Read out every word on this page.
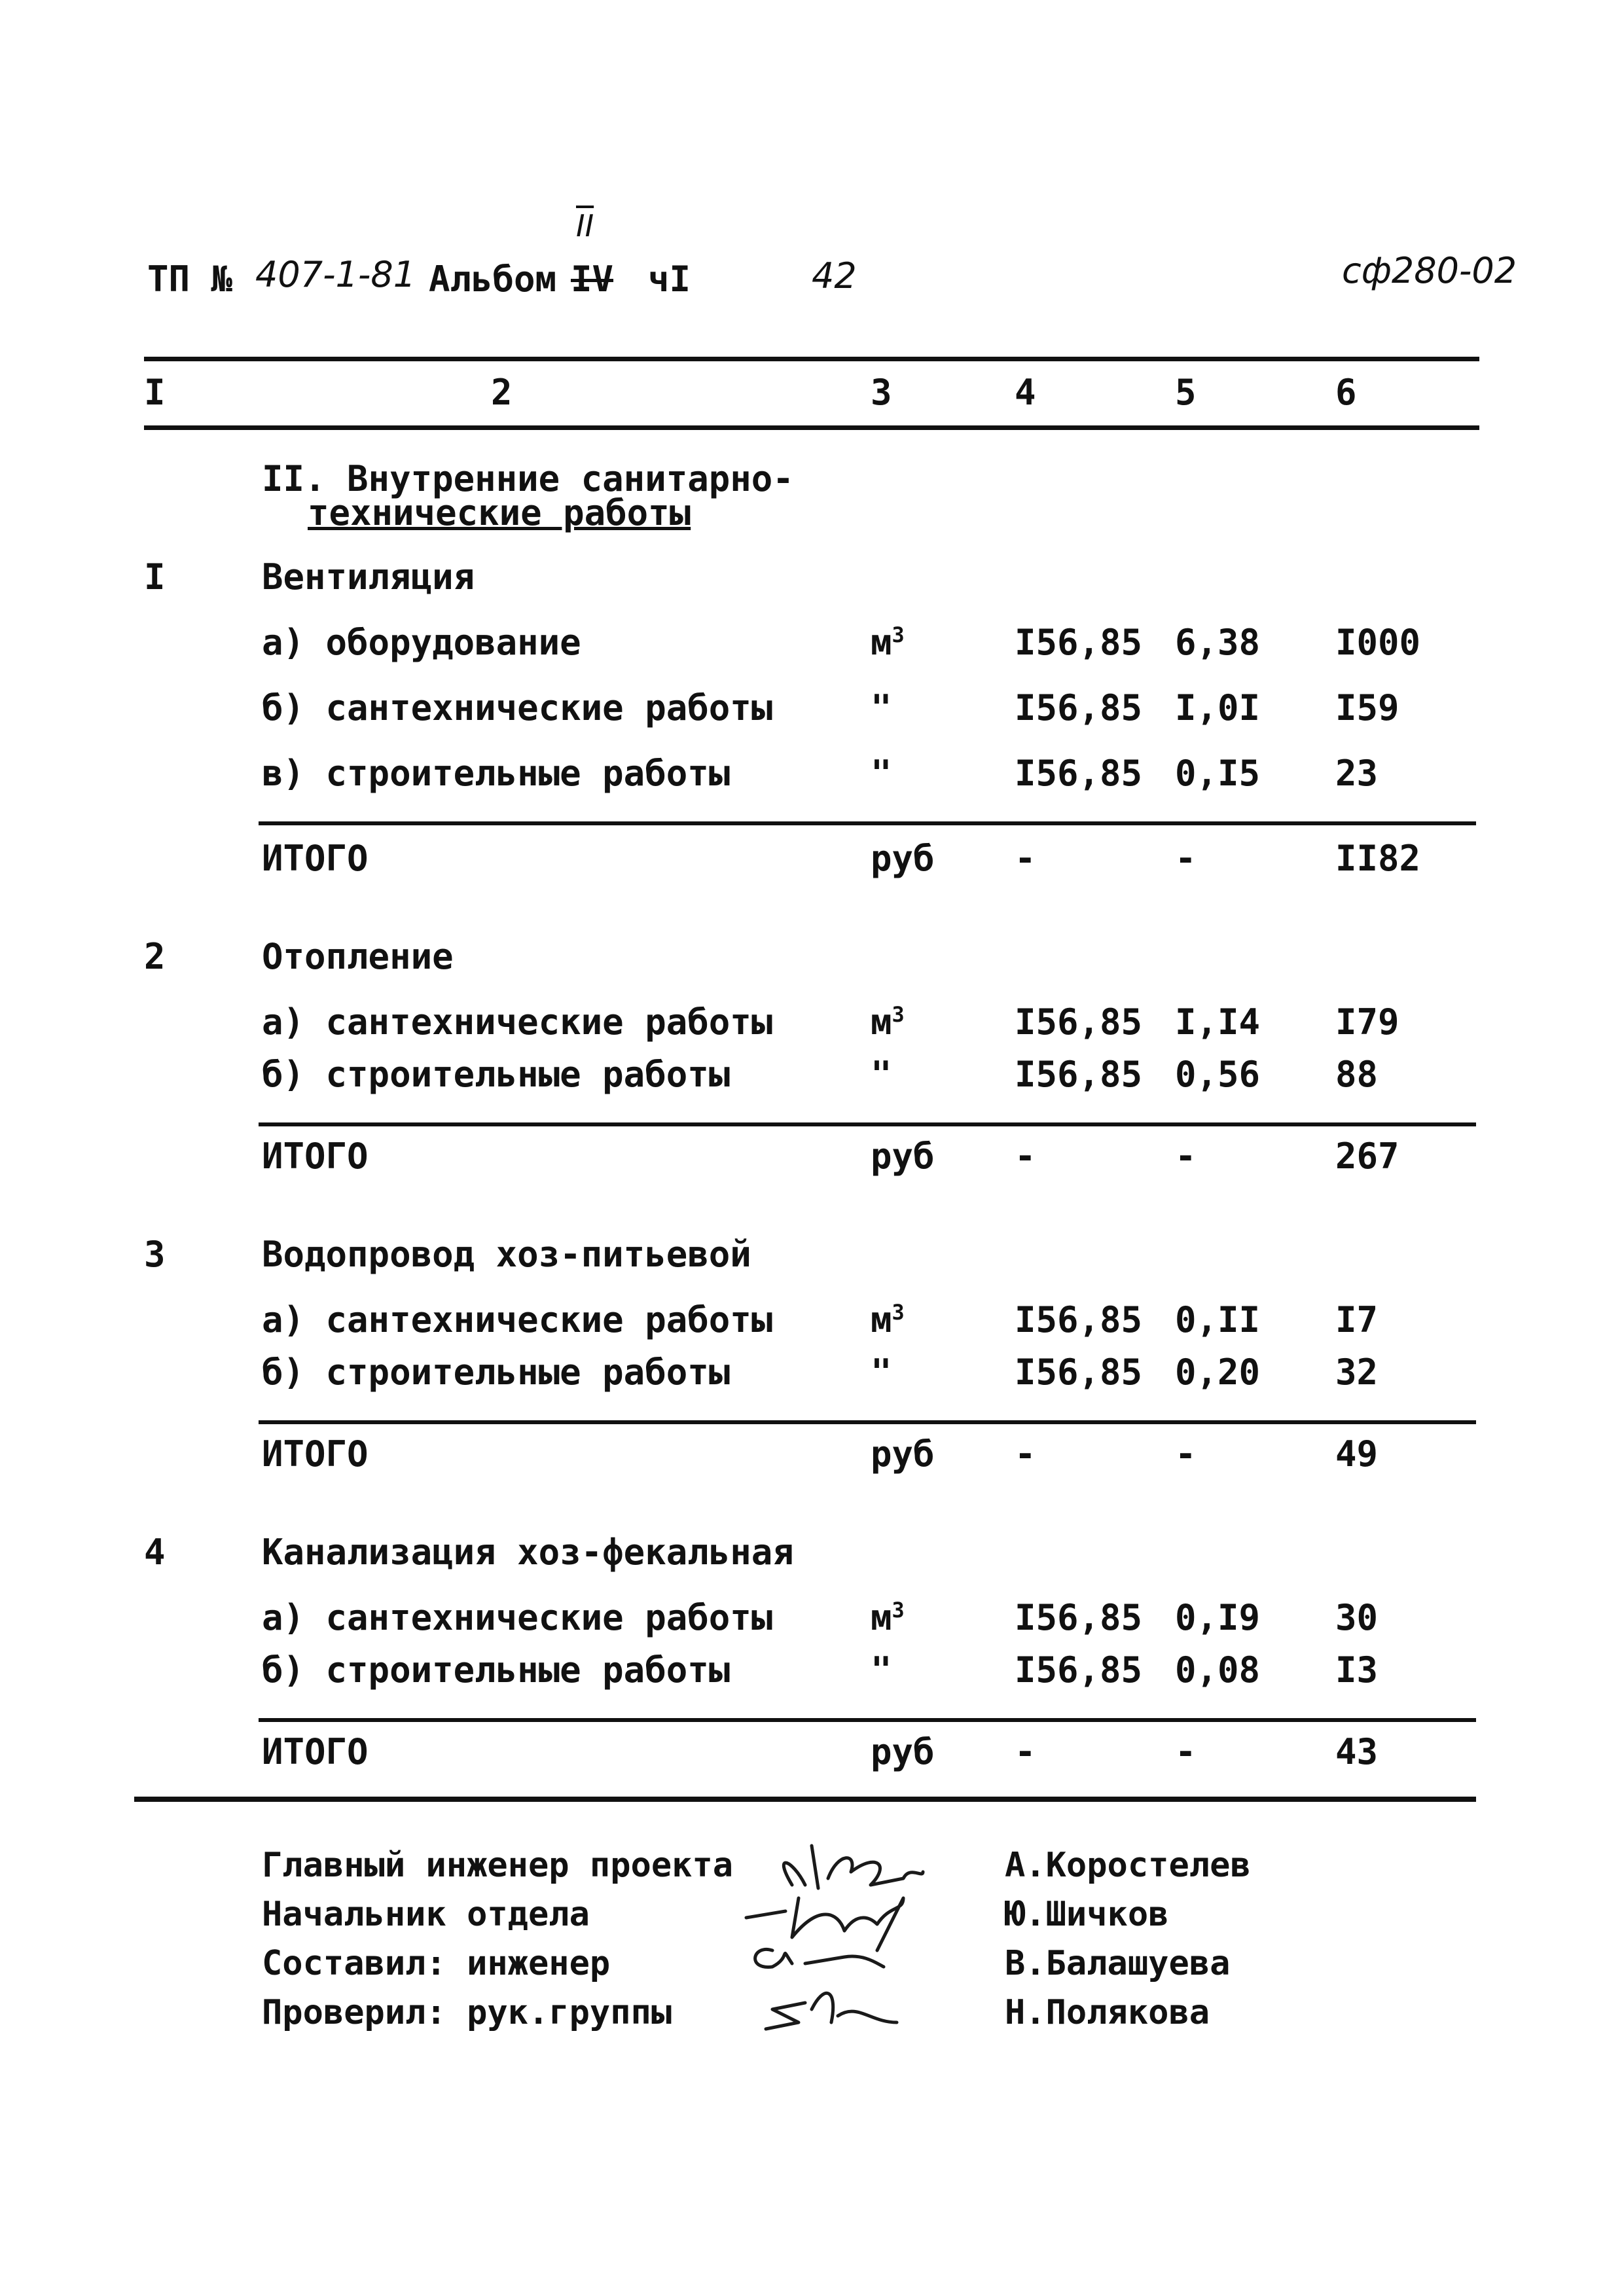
ТП № 407-1-81 Альбом
$\overline{II}$
IV чI	42	сф280-02
I	2	3	4	5	6
II. Внутренние санитарно-
технические работы
I	Вентиляция
а) оборудование	$м^3$	I56,85 6,38 I000
б) сантехнические работы	"	I56,85 I,0I I59
в) строительные работы	"	I56,85 0,I5 23
ИТОГО	руб -	-	II82
2	Отопление
а) сантехнические работы	$м^3$	I56,85 I,I4 I79
б) строительные работы	"	I56,85 0,56 88
ИТОГО	руб -	-	267
3	Водопровод хоз-питьевой
а) сантехнические работы	$м^3$	I56,85 0,II I7
б) строительные работы	"	I56,85 0,20 32
ИТОГО	руб -	-	49
4	Канализация хоз-фекальная
а) сантехнические работы	$м^3$	I56,85 0,I9 30
б) строительные работы	"	I56,85 0,08 I3
ИТОГО	руб -	-	43
Главный инженер проекта	А.Коростелев
Начальник отдела	Ю.Шичков
Составил: инженер	В.Балашуева
Проверил: рук.группы	Н.Полякова
